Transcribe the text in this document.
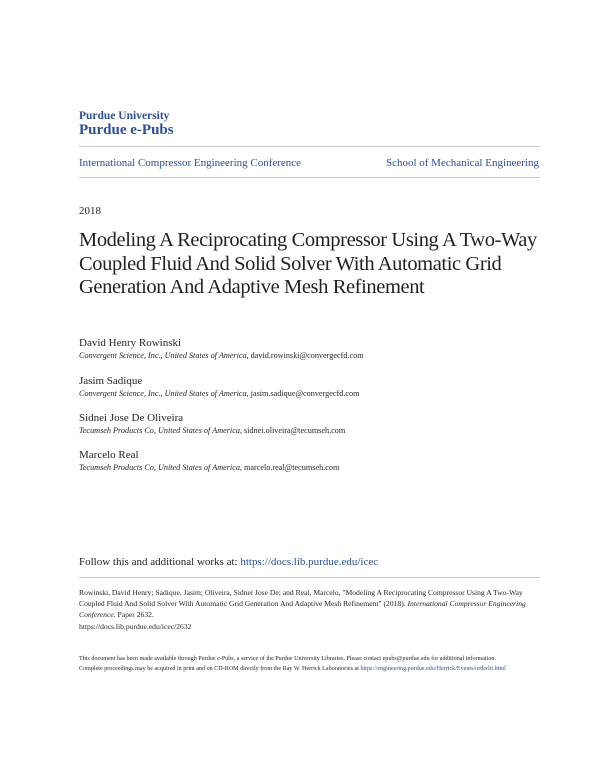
Purdue University
Purdue e-Pubs
International Compressor Engineering Conference	School of Mechanical Engineering
2018
Modeling A Reciprocating Compressor Using A Two-Way Coupled Fluid And Solid Solver With Automatic Grid Generation And Adaptive Mesh Refinement
David Henry Rowinski
Convergent Science, Inc., United States of America, david.rowinski@convergecfd.com
Jasim Sadique
Convergent Science, Inc., United States of America, jasim.sadique@convergecfd.com
Sidnei Jose De Oliveira
Tecumseh Products Co, United States of America, sidnei.oliveira@tecumseh.com
Marcelo Real
Tecumseh Products Co, United States of America, marcelo.real@tecumseh.com
Follow this and additional works at: https://docs.lib.purdue.edu/icec
Rowinski, David Henry; Sadique, Jasim; Oliveira, Sidnei Jose De; and Real, Marcelo, "Modeling A Reciprocating Compressor Using A Two-Way Coupled Fluid And Solid Solver With Automatic Grid Generation And Adaptive Mesh Refinement" (2018). International Compressor Engineering Conference. Paper 2632.
https://docs.lib.purdue.edu/icec/2632
This document has been made available through Purdue e-Pubs, a service of the Purdue University Libraries. Please contact epubs@purdue.edu for additional information.
Complete proceedings may be acquired in print and on CD-ROM directly from the Ray W. Herrick Laboratories at https://engineering.purdue.edu/Herrick/Events/orderlit.html
